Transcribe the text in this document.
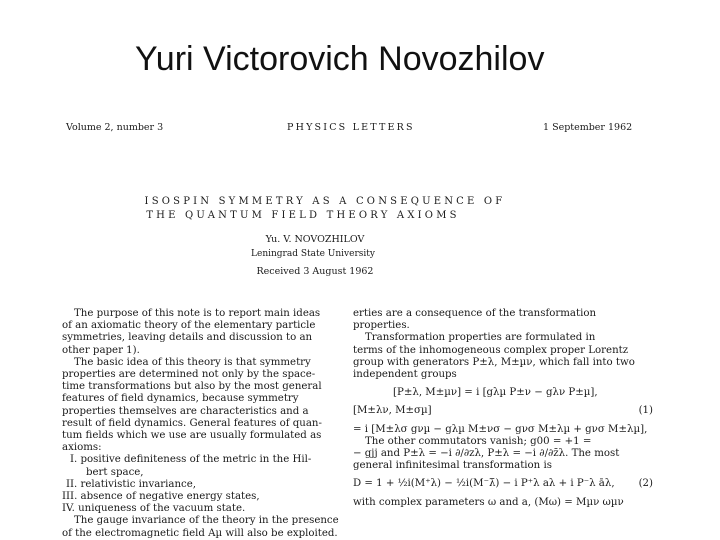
Yuri Victorovich Novozhilov
Volume 2, number 3	PHYSICS LETTERS	1 September 1962
ISOSPIN SYMMETRY AS A CONSEQUENCE OF
THE QUANTUM FIELD THEORY AXIOMS
Yu. V. NOVOZHILOV
Leningrad State University
Received 3 August 1962
The purpose of this note is to report main ideas
of an axiomatic theory of the elementary particle
symmetries, leaving details and discussion to an
other paper 1).
The basic idea of this theory is that symmetry
properties are determined not only by the space-
time transformations but also by the most general
features of field dynamics, because symmetry
properties themselves are characteristics and a
result of field dynamics. General features of quan-
tum fields which we use are usually formulated as
axioms:
I. positive definiteness of the metric in the Hil-
bert space,
II. relativistic invariance,
III. absence of negative energy states,
IV. uniqueness of the vacuum state.
The gauge invariance of the theory in the presence
of the electromagnetic field Aµ will also be exploited.
erties are a consequence of the transformation
properties.
Transformation properties are formulated in
terms of the inhomogeneous complex proper Lorentz
group with generators P±λ, M±µν, which fall into two
independent groups
[P±λ, M±µν] = i [gλµ P±ν − gλν P±µ],
[M±λν, M±σµ]	(1)
= i [M±λσ gνµ − gλµ M±νσ − gνσ M±λµ + gνσ M±λµ],
The other commutators vanish; g00 = +1 =
− gjj and P±λ = −i ∂/∂zλ, P±λ = −i ∂/∂z̄λ. The most
general infinitesimal transformation is
D = 1 + ½i(M⁺λ) − ½i(M⁻λ̄) − i P⁺λ aλ + i P⁻λ āλ,	(2)
with complex parameters ω and a, (Mω) = Mµν ωµν
